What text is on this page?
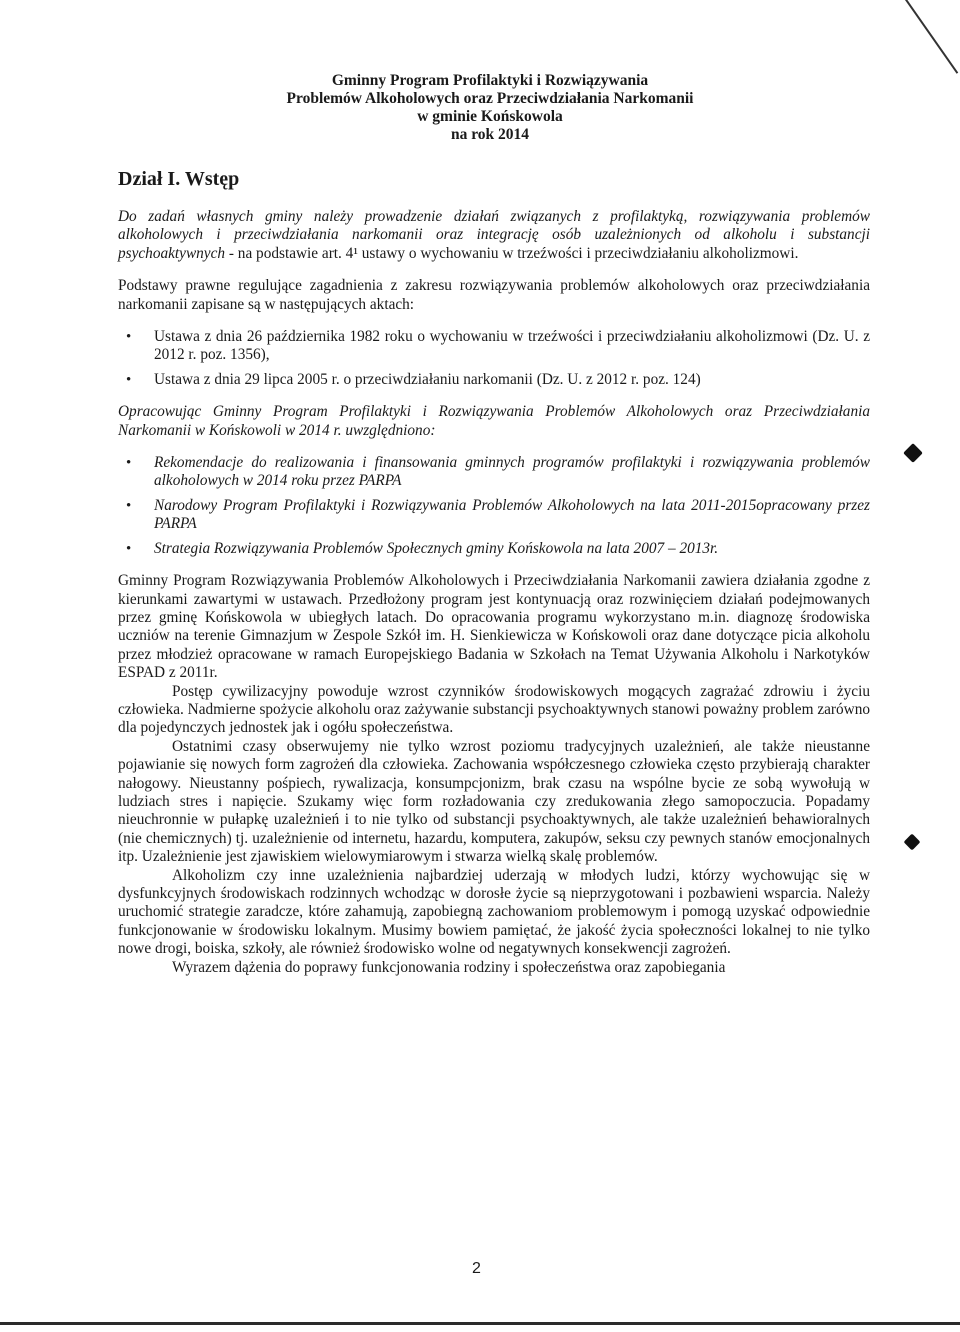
Gminny Program Profilaktyki i Rozwiązywania
Problemów Alkoholowych oraz Przeciwdziałania Narkomanii
w gminie Końskowola
na rok 2014
Dział I. Wstęp

Do zadań własnych gminy należy prowadzenie działań związanych z profilaktyką, rozwiązywania problemów alkoholowych i przeciwdziałania narkomanii oraz integrację osób uzależnionych od alkoholu i substancji psychoaktywnych - na podstawie art. 4¹ ustawy o wychowaniu w trzeźwości i przeciwdziałaniu alkoholizmowi.

Podstawy prawne regulujące zagadnienia z zakresu rozwiązywania problemów alkoholowych oraz przeciwdziałania narkomanii zapisane są w następujących aktach:

• Ustawa z dnia 26 października 1982 roku o wychowaniu w trzeźwości i przeciwdziałaniu alkoholizmowi (Dz. U. z 2012 r. poz. 1356),
• Ustawa z dnia 29 lipca 2005 r. o przeciwdziałaniu narkomanii (Dz. U. z 2012 r. poz. 124)

Opracowując Gminny Program Profilaktyki i Rozwiązywania Problemów Alkoholowych oraz Przeciwdziałania Narkomanii w Końskowoli w 2014 r. uwzględniono:

• Rekomendacje do realizowania i finansowania gminnych programów profilaktyki i rozwiązywania problemów alkoholowych w 2014 roku przez PARPA
• Narodowy Program Profilaktyki i Rozwiązywania Problemów Alkoholowych na lata 2011-2015opracowany przez PARPA
• Strategia Rozwiązywania Problemów Społecznych gminy Końskowola na lata 2007 – 2013r.

Gminny Program Rozwiązywania Problemów Alkoholowych i Przeciwdziałania Narkomanii zawiera działania zgodne z kierunkami zawartymi w ustawach. Przedłożony program jest kontynuacją oraz rozwinięciem działań podejmowanych przez gminę Końskowola w ubiegłych latach. Do opracowania programu wykorzystano m.in. diagnozę środowiska uczniów na terenie Gimnazjum w Zespole Szkół im. H. Sienkiewicza w Końskowoli oraz dane dotyczące picia alkoholu przez młodzież opracowane w ramach Europejskiego Badania w Szkołach na Temat Używania Alkoholu i Narkotyków ESPAD z 2011r.

Postęp cywilizacyjny powoduje wzrost czynników środowiskowych mogących zagrażać zdrowiu i życiu człowieka. Nadmierne spożycie alkoholu oraz zażywanie substancji psychoaktywnych stanowi poważny problem zarówno dla pojedynczych jednostek jak i ogółu społeczeństwa.

Ostatnimi czasy obserwujemy nie tylko wzrost poziomu tradycyjnych uzależnień, ale także nieustanne pojawianie się nowych form zagrożeń dla człowieka. Zachowania współczesnego człowieka często przybierają charakter nałogowy. Nieustanny pośpiech, rywalizacja, konsumpcjonizm, brak czasu na wspólne bycie ze sobą wywołują w ludziach stres i napięcie. Szukamy więc form rozładowania czy zredukowania złego samopoczucia. Popadamy nieuchronnie w pułapkę uzależnień i to nie tylko od substancji psychoaktywnych, ale także uzależnień behawioralnych (nie chemicznych) tj. uzależnienie od internetu, hazardu, komputera, zakupów, seksu czy pewnych stanów emocjonalnych itp. Uzależnienie jest zjawiskiem wielowymiarowym i stwarza wielką skalę problemów.

Alkoholizm czy inne uzależnienia najbardziej uderzają w młodych ludzi, którzy wychowując się w dysfunkcyjnych środowiskach rodzinnych wchodząc w dorosłe życie są nieprzygotowani i pozbawieni wsparcia. Należy uruchomić strategie zaradcze, które zahamują, zapobiegną zachowaniom problemowym i pomogą uzyskać odpowiednie funkcjonowanie w środowisku lokalnym. Musimy bowiem pamiętać, że jakość życia społeczności lokalnej to nie tylko nowe drogi, boiska, szkoły, ale również środowisko wolne od negatywnych konsekwencji zagrożeń.

Wyrazem dążenia do poprawy funkcjonowania rodziny i społeczeństwa oraz zapobiegania

2
